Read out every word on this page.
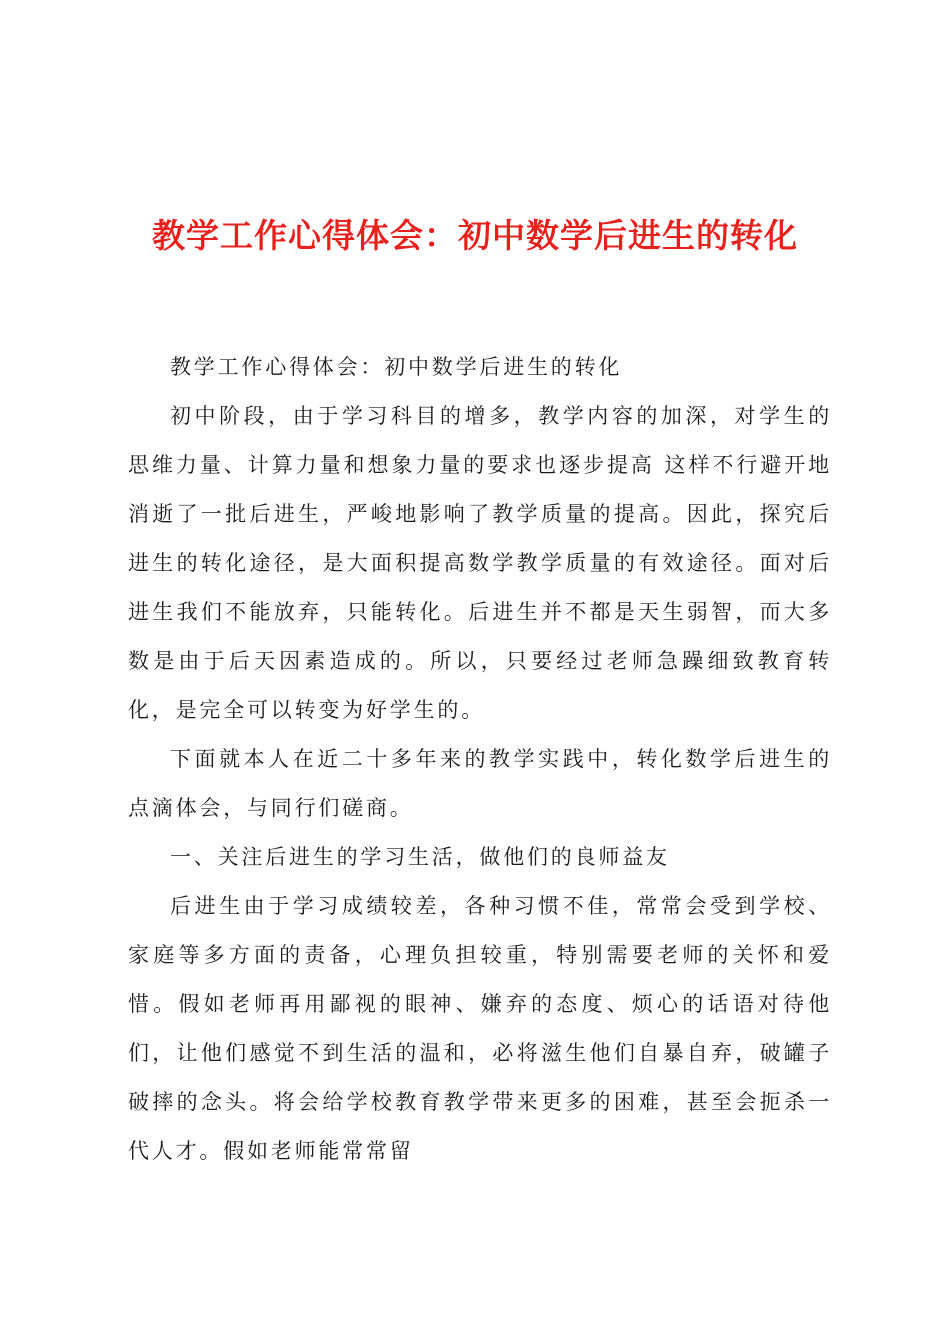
教学工作心得体会：初中数学后进生的转化

教学工作心得体会：初中数学后进生的转化

初中阶段，由于学习科目的增多，教学内容的加深，对学生的思维力量、计算力量和想象力量的要求也逐步提高 这样不行避开地消逝了一批后进生，严峻地影响了教学质量的提高。因此，探究后进生的转化途径，是大面积提高数学教学质量的有效途径。面对后进生我们不能放弃，只能转化。后进生并不都是天生弱智，而大多数是由于后天因素造成的。所以，只要经过老师急躁细致教育转化，是完全可以转变为好学生的。

下面就本人在近二十多年来的教学实践中，转化数学后进生的点滴体会，与同行们磋商。

一、关注后进生的学习生活，做他们的良师益友

后进生由于学习成绩较差，各种习惯不佳，常常会受到学校、家庭等多方面的责备，心理负担较重，特别需要老师的关怀和爱惜。假如老师再用鄙视的眼神、嫌弃的态度、烦心的话语对待他们，让他们感觉不到生活的温和，必将滋生他们自暴自弃，破罐子破摔的念头。将会给学校教育教学带来更多的困难，甚至会扼杀一代人才。假如老师能常常留
